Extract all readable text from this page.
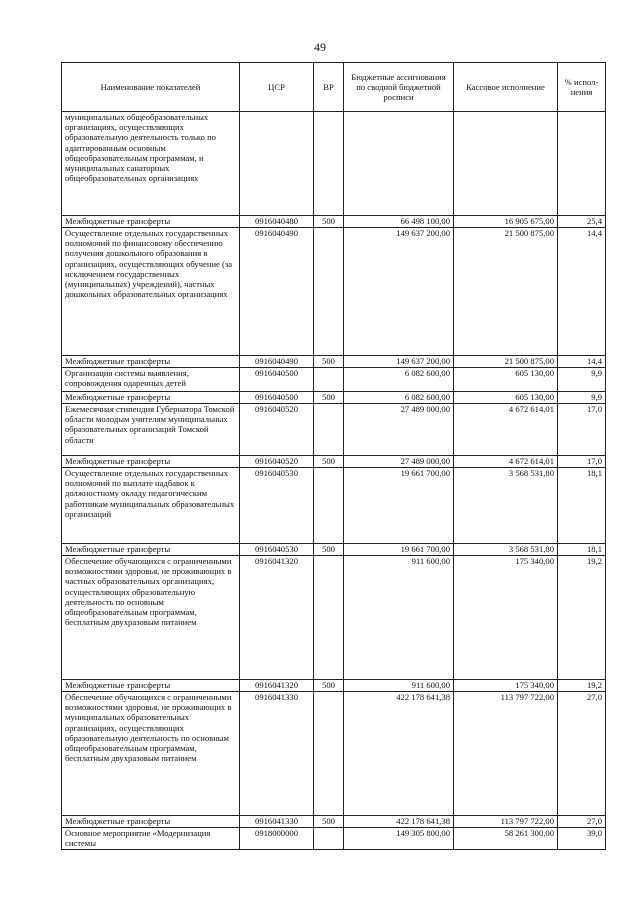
49
Наименование показателей	ЦСР	ВР	Бюджетные ассигнования по сводной бюджетной росписи	Кассовое исполнение	% испол-нения
муниципальных общеобразовательных организациях, осуществляющих образовательную деятельность только по адаптированным основным общеобразовательным программам, и муниципальных санаторных общеобразовательных организациях					
Межбюджетные трансферты	0916040480	500	66 498 100,00	16 905 675,00	25,4
Осуществление отдельных государственных полномочий по финансовому обеспечению получения дошкольного образования в организациях, осуществляющих обучение (за исключением государственных (муниципальных) учреждений), частных дошкольных образовательных организациях	0916040490		149 637 200,00	21 500 875,00	14,4
Межбюджетные трансферты	0916040490	500	149 637 200,00	21 500 875,00	14,4
Организация системы выявления, сопровождения одаренных детей	0916040500		6 082 600,00	605 130,00	9,9
Межбюджетные трансферты	0916040500	500	6 082 600,00	605 130,00	9,9
Ежемесячная стипендия Губернатора Томской области молодым учителям муниципальных образовательных организаций Томской области	0916040520		27 489 000,00	4 672 614,01	17,0
Межбюджетные трансферты	0916040520	500	27 489 000,00	4 672 614,01	17,0
Осуществление отдельных государственных полномочий по выплате надбавок к должностному окладу педагогическим работникам муниципальных образовательных организаций	0916040530		19 661 700,00	3 568 531,80	18,1
Межбюджетные трансферты	0916040530	500	19 661 700,00	3 568 531,80	18,1
Обеспечение обучающихся с ограниченными возможностями здоровья, не проживающих в частных образовательных организациях, осуществляющих образовательную деятельность по основным общеобразовательным программам, бесплатным двухразовым питанием	0916041320		911 600,00	175 340,00	19,2
Межбюджетные трансферты	0916041320	500	911 600,00	175 340,00	19,2
Обеспечение обучающихся с ограниченными возможностями здоровья, не проживающих в муниципальных образовательных организациях, осуществляющих образовательную деятельность по основным общеобразовательным программам, бесплатным двухразовым питанием	0916041330		422 178 641,38	113 797 722,00	27,0
Межбюджетные трансферты	0916041330	500	422 178 641,38	113 797 722,00	27,0
Основное мероприятие «Модернизация системы	0918000000		149 305 800,00	58 261 300,00	39,0
